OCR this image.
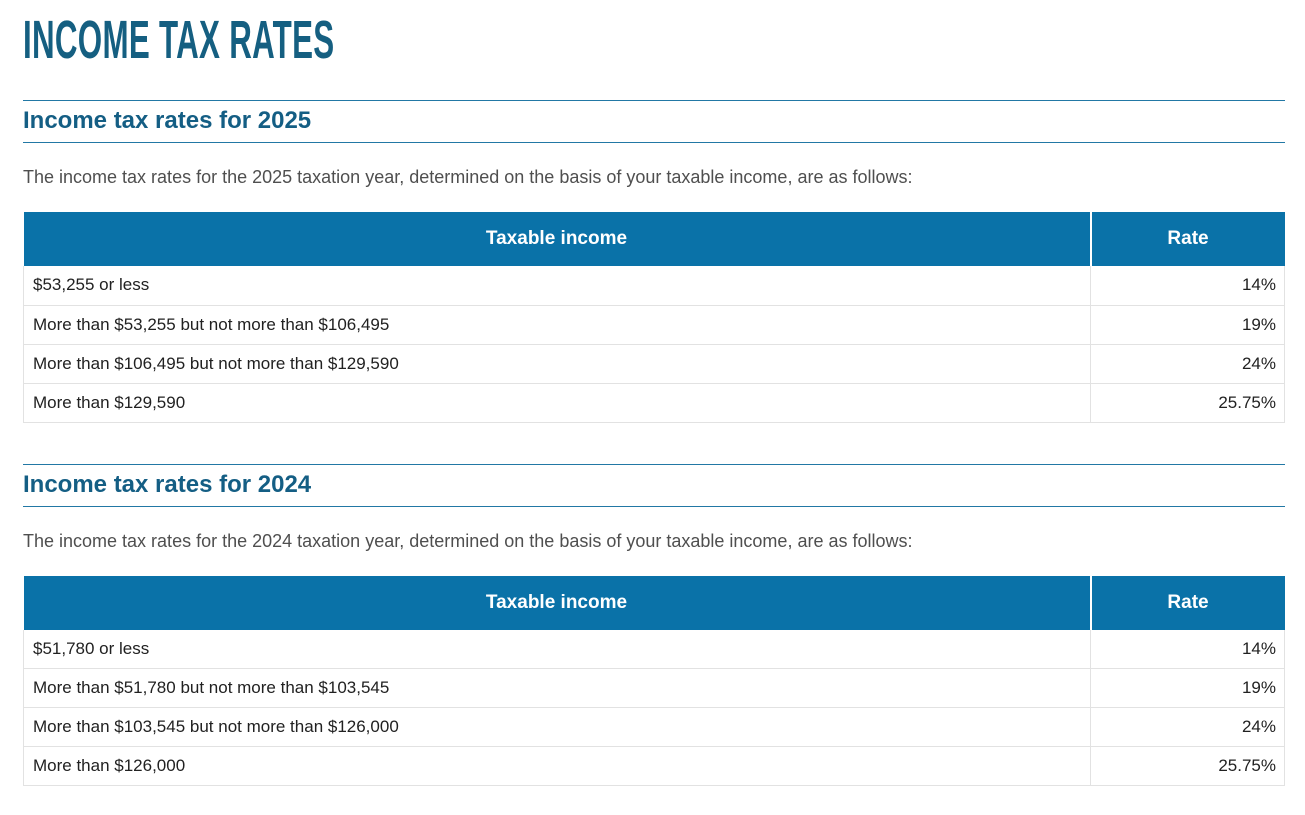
INCOME TAX RATES
Income tax rates for 2025

The income tax rates for the 2025 taxation year, determined on the basis of your taxable income, are as follows:

Taxable income	Rate
$53,255 or less	14%
More than $53,255 but not more than $106,495	19%
More than $106,495 but not more than $129,590	24%
More than $129,590	25.75%
Income tax rates for 2024

The income tax rates for the 2024 taxation year, determined on the basis of your taxable income, are as follows:

Taxable income	Rate
$51,780 or less	14%
More than $51,780 but not more than $103,545	19%
More than $103,545 but not more than $126,000	24%
More than $126,000	25.75%
